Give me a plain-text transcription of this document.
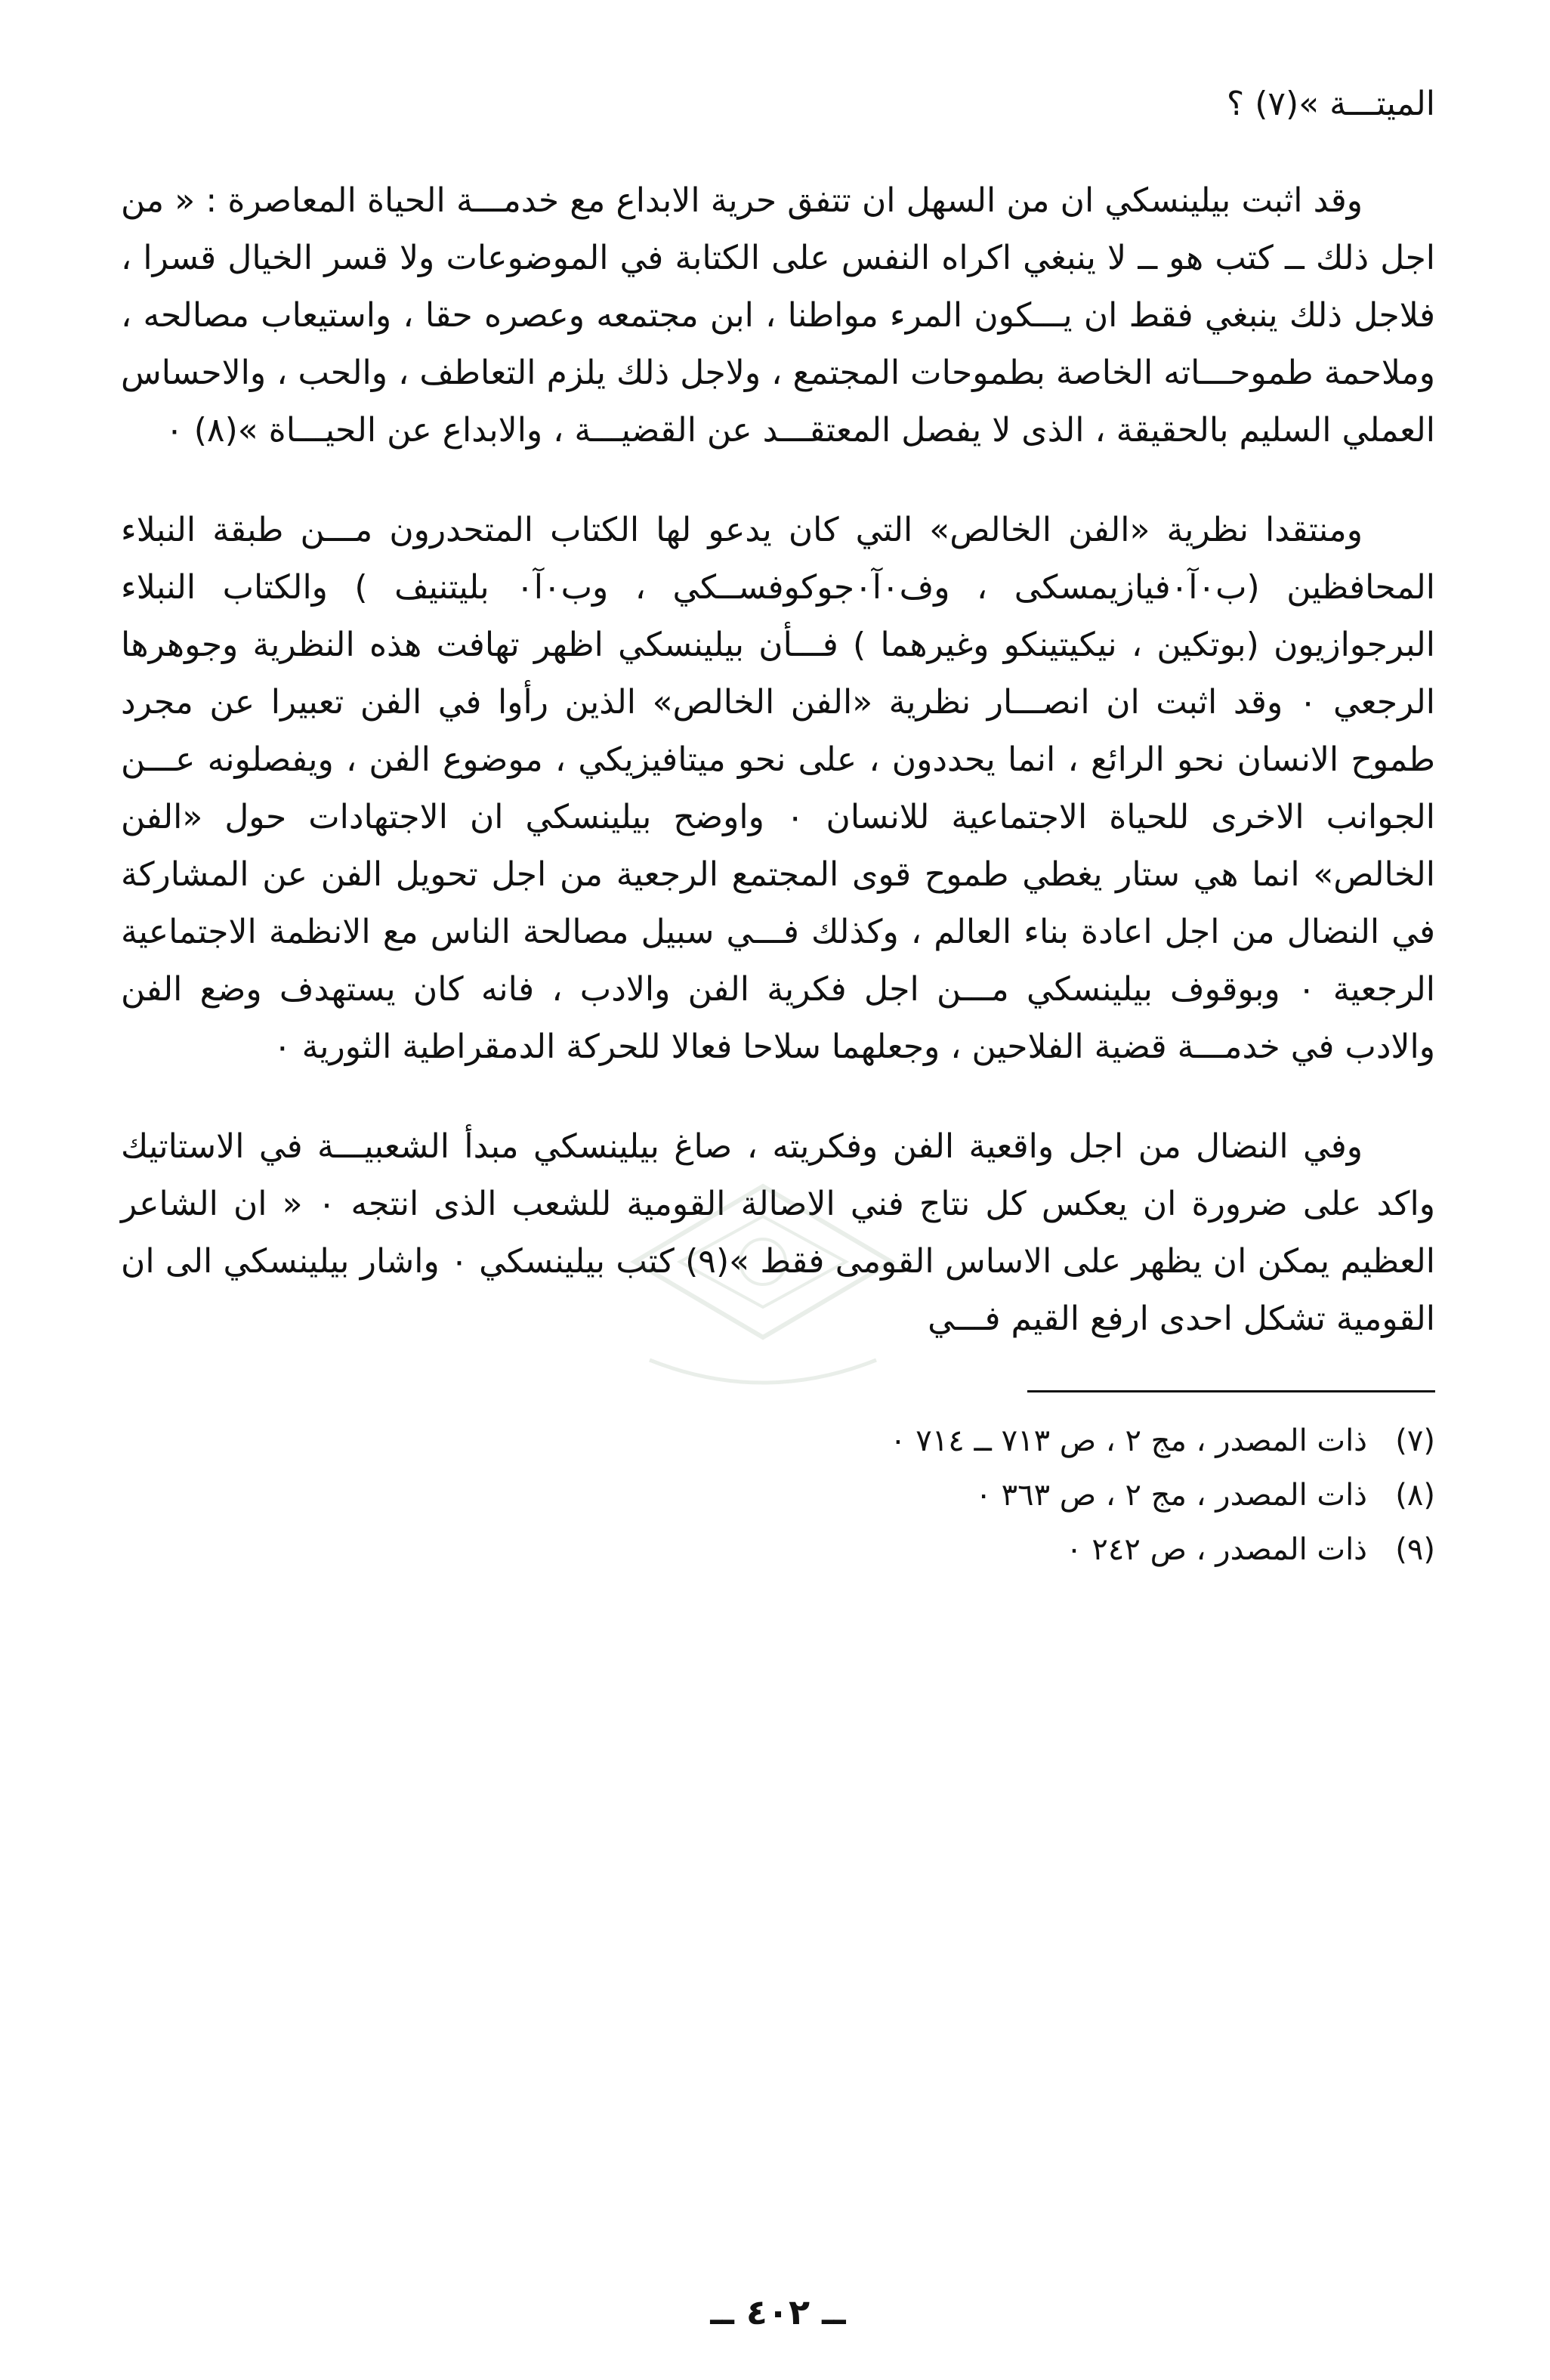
الميتـــة »(٧) ؟

وقد اثبت بيلينسكي ان من السهل ان تتفق حرية الابداع مع خدمـــة الحياة المعاصرة : « من اجل ذلك ــ كتب هو ــ لا ينبغي اكراه النفس على الكتابة في الموضوعات ولا قسر الخيال قسرا ، فلاجل ذلك ينبغي فقط ان يـــكون المرء مواطنا ، ابن مجتمعه وعصره حقا ، واستيعاب مصالحه ، وملاحمة طموحـــاته الخاصة بطموحات المجتمع ، ولاجل ذلك يلزم التعاطف ، والحب ، والاحساس العملي السليم بالحقيقة ، الذى لا يفصل المعتقـــد عن القضيـــة ، والابداع عن الحيـــاة »(٨) ٠

ومنتقدا نظرية «الفن الخالص» التي كان يدعو لها الكتاب المتحدرون مـــن طبقة النبلاء المحافظين (ب٠آ٠فيازيمسكى ، وف٠آ٠جوكوفســكي ، وب٠آ٠ بليتنيف ) والكتاب النبلاء البرجوازيون (بوتكين ، نيكيتينكو وغيرهما ) فـــأن بيلينسكي اظهر تهافت هذه النظرية وجوهرها الرجعي ٠ وقد اثبت ان انصـــار نظرية «الفن الخالص» الذين رأوا في الفن تعبيرا عن مجرد طموح الانسان نحو الرائع ، انما يحددون ، على نحو ميتافيزيكي ، موضوع الفن ، ويفصلونه عـــن الجوانب الاخرى للحياة الاجتماعية للانسان ٠ واوضح بيلينسكي ان الاجتهادات حول «الفن الخالص» انما هي ستار يغطي طموح قوى المجتمع الرجعية من اجل تحويل الفن عن المشاركة في النضال من اجل اعادة بناء العالم ، وكذلك فـــي سبيل مصالحة الناس مع الانظمة الاجتماعية الرجعية ٠ وبوقوف بيلينسكي مـــن اجل فكرية الفن والادب ، فانه كان يستهدف وضع الفن والادب في خدمـــة قضية الفلاحين ، وجعلهما سلاحا فعالا للحركة الدمقراطية الثورية ٠

وفي النضال من اجل واقعية الفن وفكريته ، صاغ بيلينسكي مبدأ الشعبيـــة في الاستاتيك واكد على ضرورة ان يعكس كل نتاج فني الاصالة القومية للشعب الذى انتجه ٠ « ان الشاعر العظيم يمكن ان يظهر على الاساس القومى فقط »(٩) كتب بيلينسكي ٠ واشار بيلينسكي الى ان القومية تشكل احدى ارفع القيم فـــي

(٧)
ذات المصدر ، مج ٢ ، ص ٧١٣ ــ ٧١٤ ٠
(٨)
ذات المصدر ، مج ٢ ، ص ٣٦٣ ٠
(٩)
ذات المصدر ، ص ٢٤٢ ٠
ــ ٤٠٢ ــ
